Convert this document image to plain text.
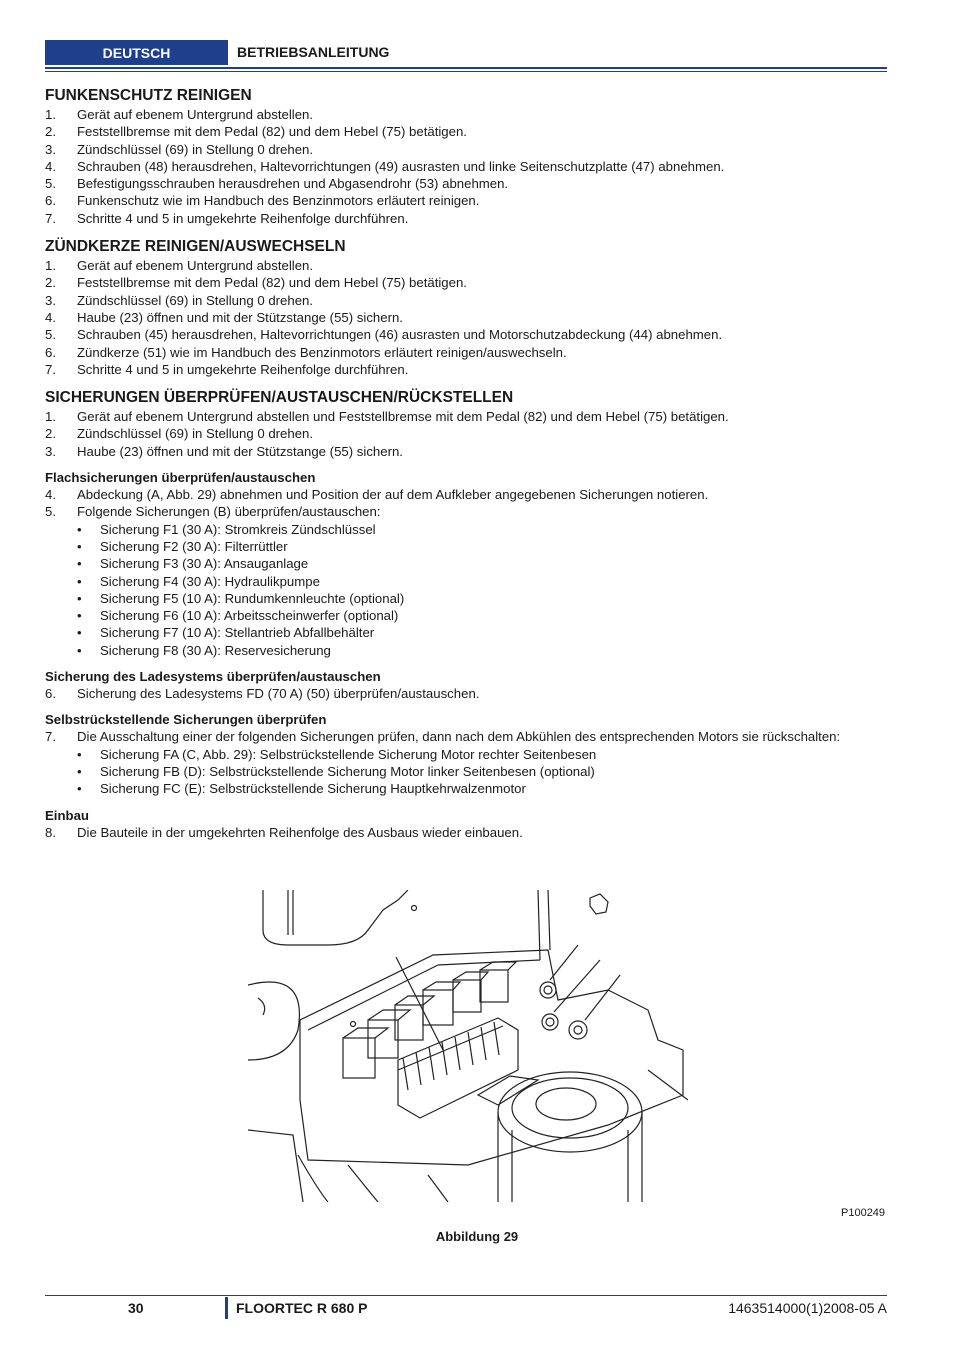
DEUTSCH	BETRIEBSANLEITUNG
FUNKENSCHUTZ REINIGEN
1. Gerät auf ebenem Untergrund abstellen.
2. Feststellbremse mit dem Pedal (82) und dem Hebel (75) betätigen.
3. Zündschlüssel (69) in Stellung 0 drehen.
4. Schrauben (48) herausdrehen, Haltevorrichtungen (49) ausrasten und linke Seitenschutzplatte (47) abnehmen.
5. Befestigungsschrauben herausdrehen und Abgasendrohr (53) abnehmen.
6. Funkenschutz wie im Handbuch des Benzinmotors erläutert reinigen.
7. Schritte 4 und 5 in umgekehrte Reihenfolge durchführen.
ZÜNDKERZE REINIGEN/AUSWECHSELN
1. Gerät auf ebenem Untergrund abstellen.
2. Feststellbremse mit dem Pedal (82) und dem Hebel (75) betätigen.
3. Zündschlüssel (69) in Stellung 0 drehen.
4. Haube (23) öffnen und mit der Stützstange (55) sichern.
5. Schrauben (45) herausdrehen, Haltevorrichtungen (46) ausrasten und Motorschutzabdeckung (44) abnehmen.
6. Zündkerze (51) wie im Handbuch des Benzinmotors erläutert reinigen/auswechseln.
7. Schritte 4 und 5 in umgekehrte Reihenfolge durchführen.
SICHERUNGEN ÜBERPRÜFEN/AUSTAUSCHEN/RÜCKSTELLEN
1. Gerät auf ebenem Untergrund abstellen und Feststellbremse mit dem Pedal (82) und dem Hebel (75) betätigen.
2. Zündschlüssel (69) in Stellung 0 drehen.
3. Haube (23) öffnen und mit der Stützstange (55) sichern.
Flachsicherungen überprüfen/austauschen
4. Abdeckung (A, Abb. 29) abnehmen und Position der auf dem Aufkleber angegebenen Sicherungen notieren.
5. Folgende Sicherungen (B) überprüfen/austauschen:
• Sicherung F1 (30 A): Stromkreis Zündschlüssel
• Sicherung F2 (30 A): Filterrüttler
• Sicherung F3 (30 A): Ansauganlage
• Sicherung F4 (30 A): Hydraulikpumpe
• Sicherung F5 (10 A): Rundumkennleuchte (optional)
• Sicherung F6 (10 A): Arbeitsscheinwerfer (optional)
• Sicherung F7 (10 A): Stellantrieb Abfallbehälter
• Sicherung F8 (30 A): Reservesicherung
Sicherung des Ladesystems überprüfen/austauschen
6. Sicherung des Ladesystems FD (70 A) (50) überprüfen/austauschen.
Selbstrückstellende Sicherungen überprüfen
7. Die Ausschaltung einer der folgenden Sicherungen prüfen, dann nach dem Abkühlen des entsprechenden Motors sie rückschalten:
• Sicherung FA (C, Abb. 29): Selbstrückstellende Sicherung Motor rechter Seitenbesen
• Sicherung FB (D): Selbstrückstellende Sicherung Motor linker Seitenbesen (optional)
• Sicherung FC (E): Selbstrückstellende Sicherung Hauptkehrwalzenmotor
Einbau
8. Die Bauteile in der umgekehrten Reihenfolge des Ausbaus wieder einbauen.
P100249
Abbildung 29
30	FLOORTEC R 680 P	1463514000(1)2008-05 A
